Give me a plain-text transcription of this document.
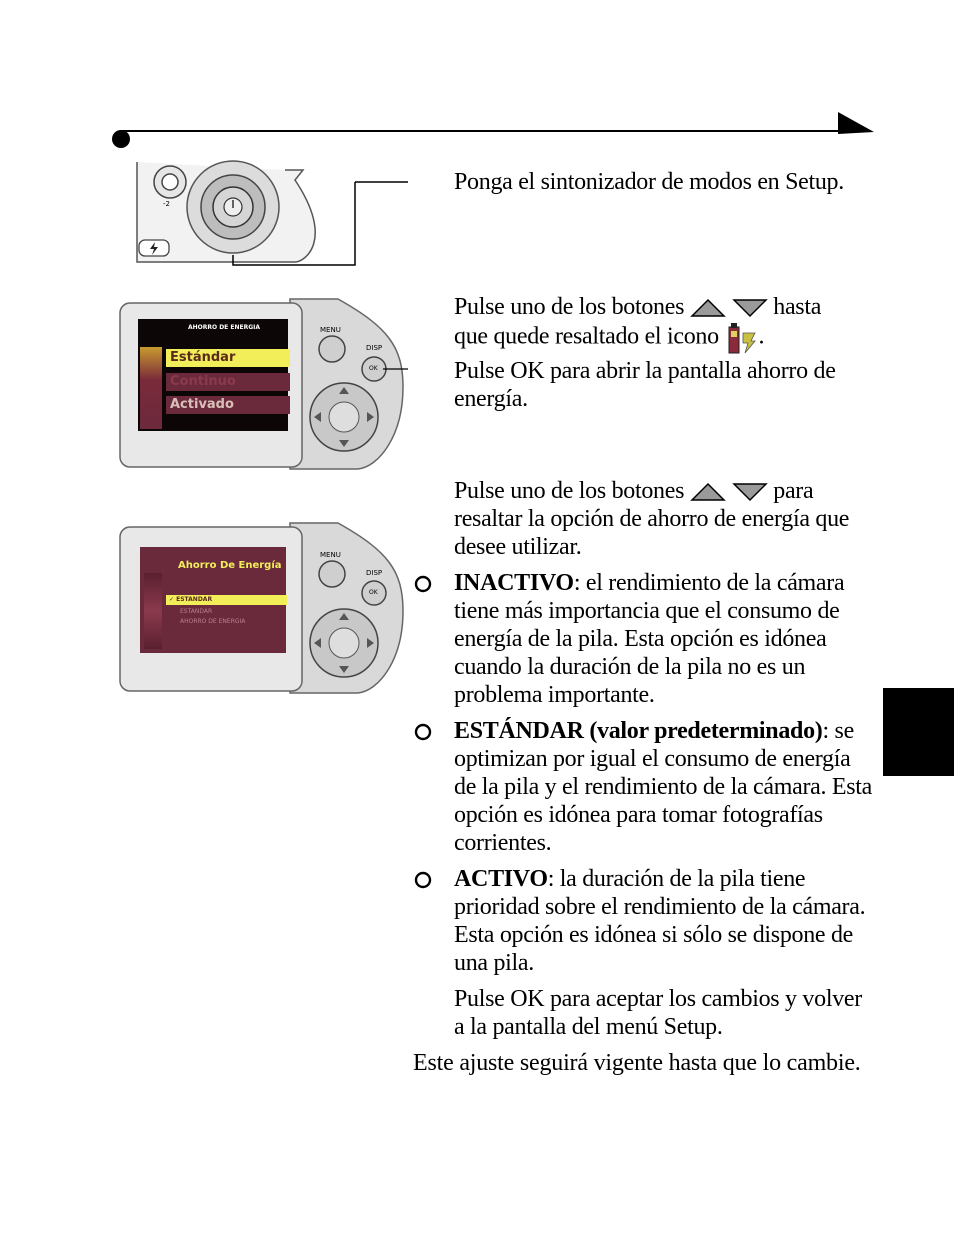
-2
AHORRO DE ENERGIA
Estándar
Continuo
Activado
MENU
DISP
OK
Ahorro De Energía
✓ ESTANDAR
ESTANDAR
AHORRO DE ENERGIA
MENU
DISP
OK

Ponga el sintonizador de modos en Setup.

Pulse uno de los botones	hasta
que quede resaltado el icono .

Pulse OK para abrir la pantalla ahorro de energía.

Pulse uno de los botones	para

resaltar la opción de ahorro de energía que desee utilizar.

INACTIVO: el rendimiento de la cámara tiene más importancia que el consumo de energía de la pila. Esta opción es idónea cuando la duración de la pila no es un problema importante.
ESTÁNDAR (valor predeterminado): se optimizan por igual el consumo de energía de la pila y el rendimiento de la cámara. Esta opción es idónea para tomar fotografías corrientes.
ACTIVO: la duración de la pila tiene prioridad sobre el rendimiento de la cámara. Esta opción es idónea si sólo se dispone de una pila.

Pulse OK para aceptar los cambios y volver a la pantalla del menú Setup.

Este ajuste seguirá vigente hasta que lo cambie.
